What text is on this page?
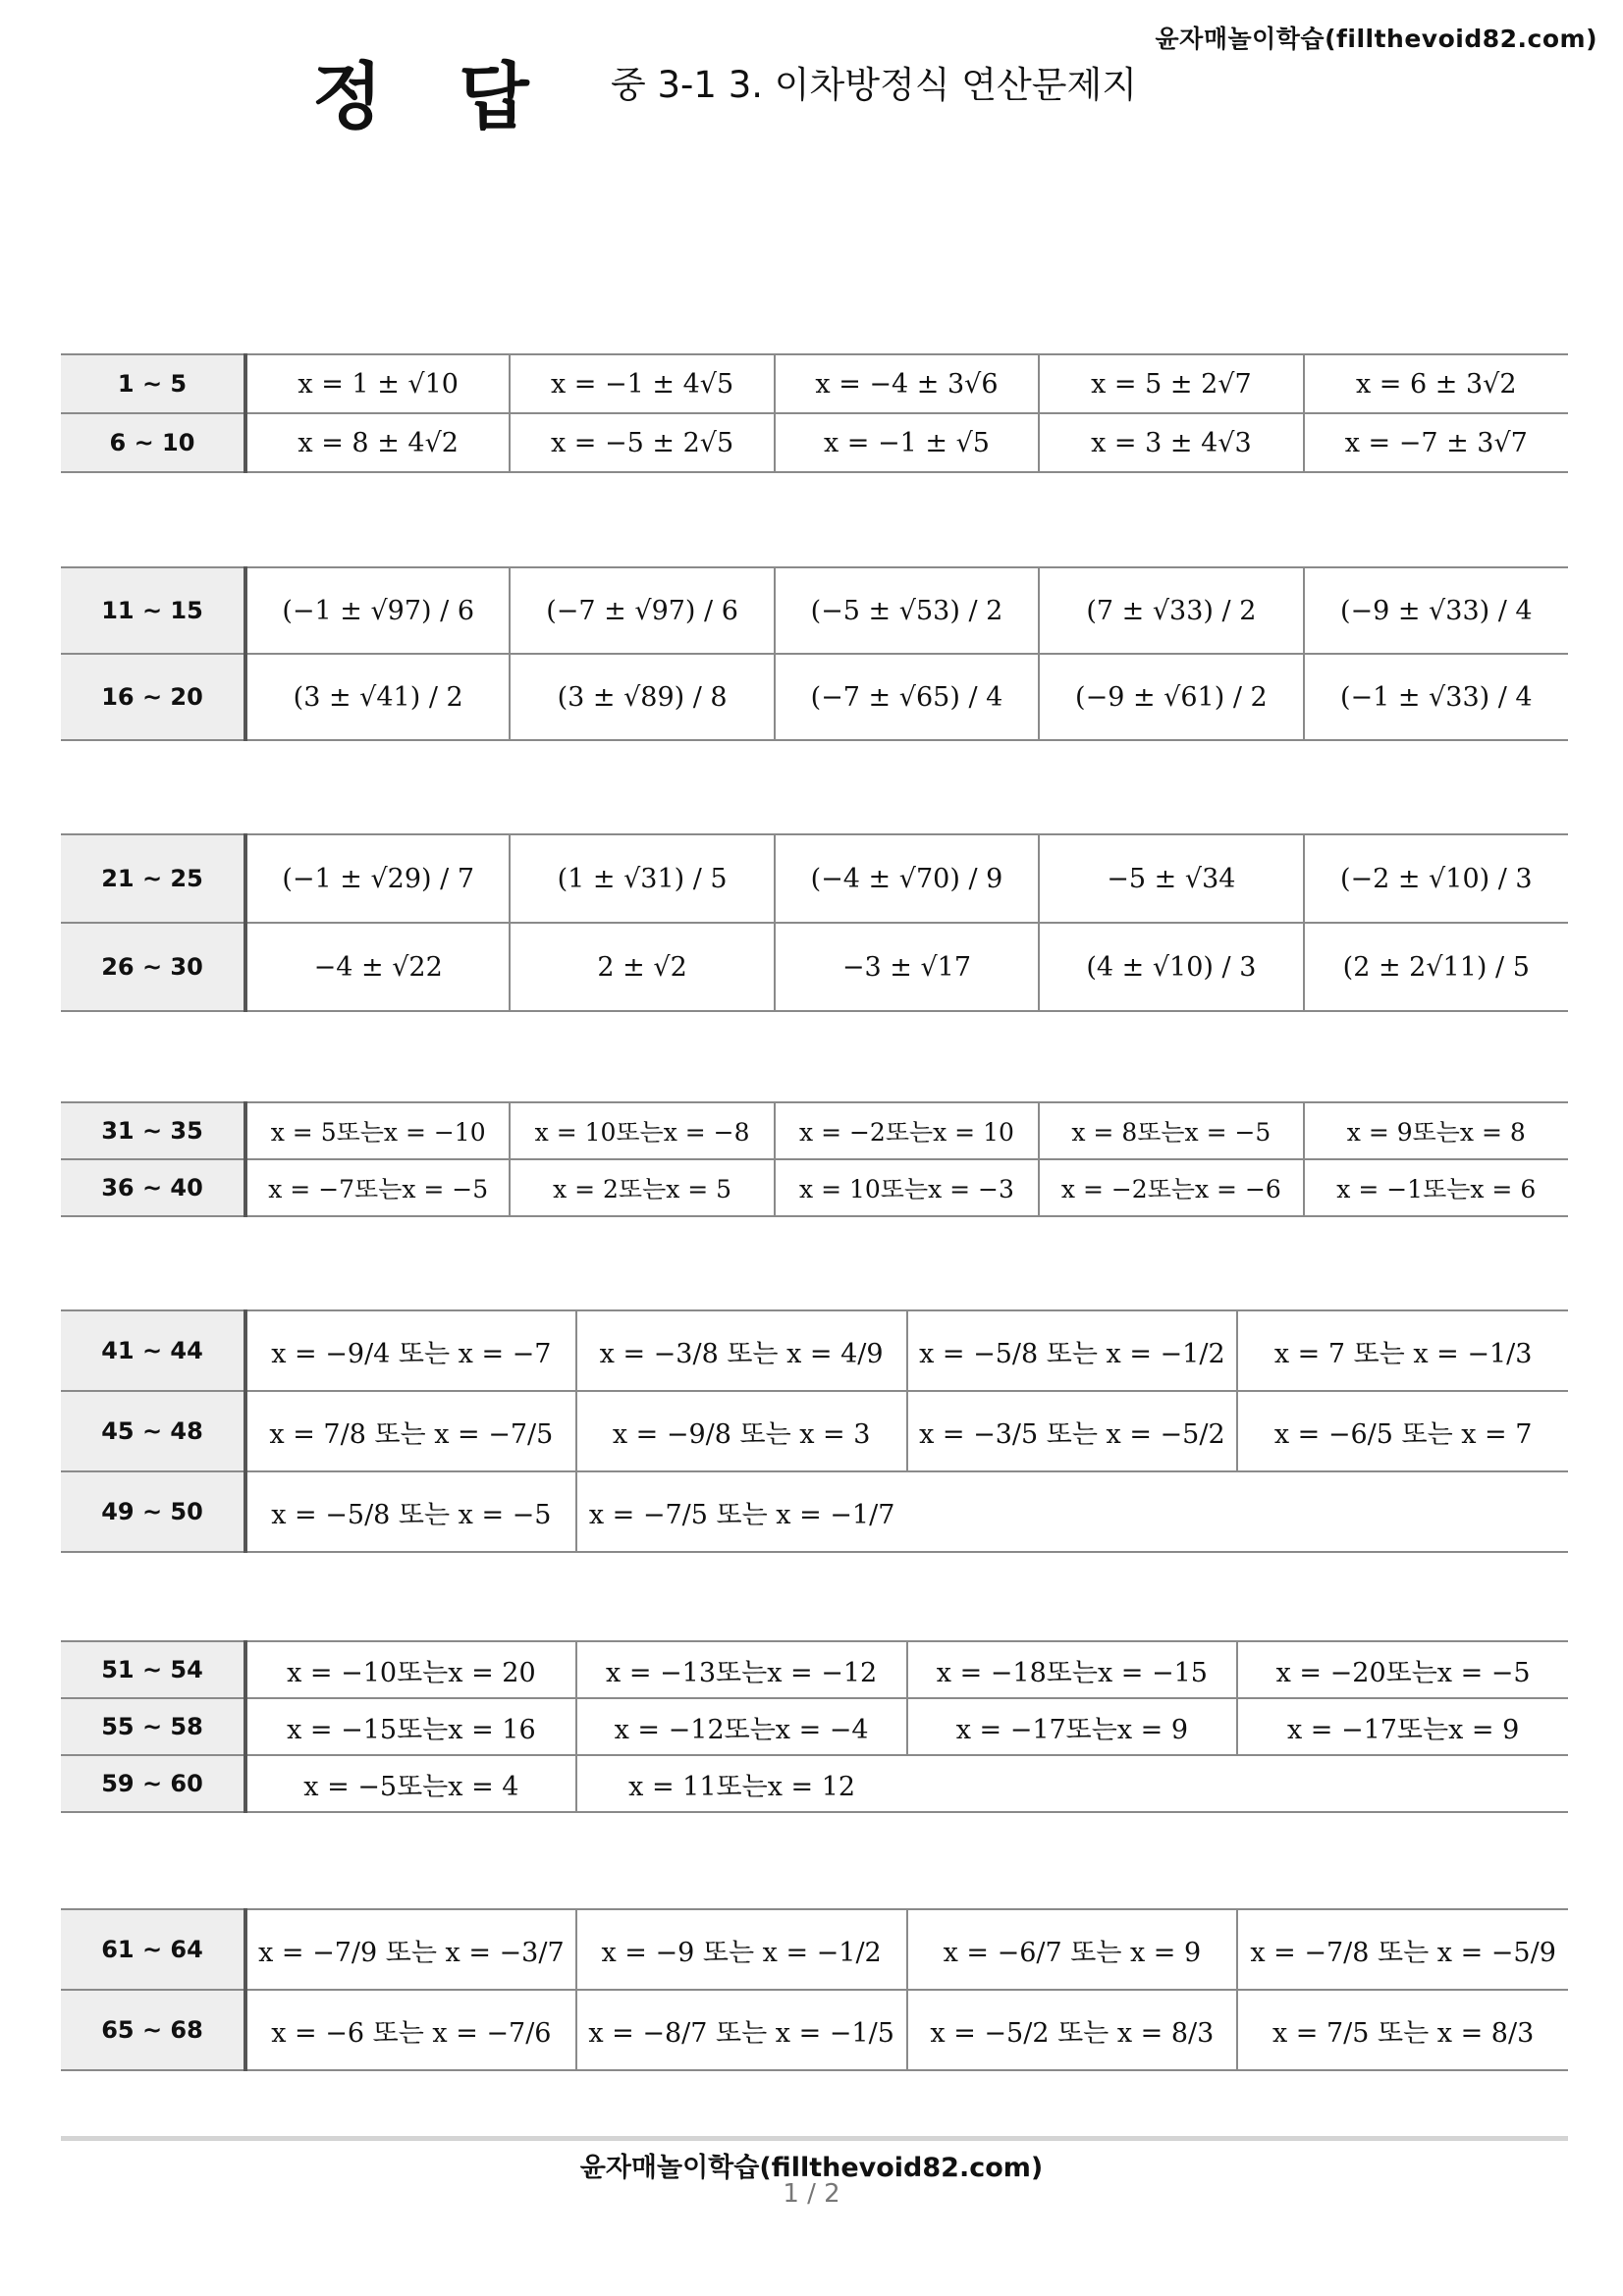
윤자매놀이학습(fillthevoid82.com)
정 답 중 3-1 3. 이차방정식 연산문제지
1 ~ 5	x = 1 ± √10	x = −1 ± 4√5	x = −4 ± 3√6	x = 5 ± 2√7	x = 6 ± 3√2
6 ~ 10	x = 8 ± 4√2	x = −5 ± 2√5	x = −1 ± √5	x = 3 ± 4√3	x = −7 ± 3√7
11 ~ 15	(−1 ± √97) / 6	(−7 ± √97) / 6	(−5 ± √53) / 2	(7 ± √33) / 2	(−9 ± √33) / 4
16 ~ 20	(3 ± √41) / 2	(3 ± √89) / 8	(−7 ± √65) / 4	(−9 ± √61) / 2	(−1 ± √33) / 4
21 ~ 25	(−1 ± √29) / 7	(1 ± √31) / 5	(−4 ± √70) / 9	−5 ± √34	(−2 ± √10) / 3
26 ~ 30	−4 ± √22	2 ± √2	−3 ± √17	(4 ± √10) / 3	(2 ± 2√11) / 5
31 ~ 35	x = 5또는x = −10	x = 10또는x = −8	x = −2또는x = 10	x = 8또는x = −5	x = 9또는x = 8
36 ~ 40	x = −7또는x = −5	x = 2또는x = 5	x = 10또는x = −3	x = −2또는x = −6	x = −1또는x = 6
41 ~ 44	x = −9/4 또는 x = −7	x = −3/8 또는 x = 4/9	x = −5/8 또는 x = −1/2	x = 7 또는 x = −1/3
45 ~ 48	x = 7/8 또는 x = −7/5	x = −9/8 또는 x = 3	x = −3/5 또는 x = −5/2	x = −6/5 또는 x = 7
49 ~ 50	x = −5/8 또는 x = −5	x = −7/5 또는 x = −1/7		
51 ~ 54	x = −10또는x = 20	x = −13또는x = −12	x = −18또는x = −15	x = −20또는x = −5
55 ~ 58	x = −15또는x = 16	x = −12또는x = −4	x = −17또는x = 9	x = −17또는x = 9
59 ~ 60	x = −5또는x = 4	x = 11또는x = 12		
61 ~ 64	x = −7/9 또는 x = −3/7	x = −9 또는 x = −1/2	x = −6/7 또는 x = 9	x = −7/8 또는 x = −5/9
65 ~ 68	x = −6 또는 x = −7/6	x = −8/7 또는 x = −1/5	x = −5/2 또는 x = 8/3	x = 7/5 또는 x = 8/3
윤자매놀이학습(fillthevoid82.com)
1 / 2
